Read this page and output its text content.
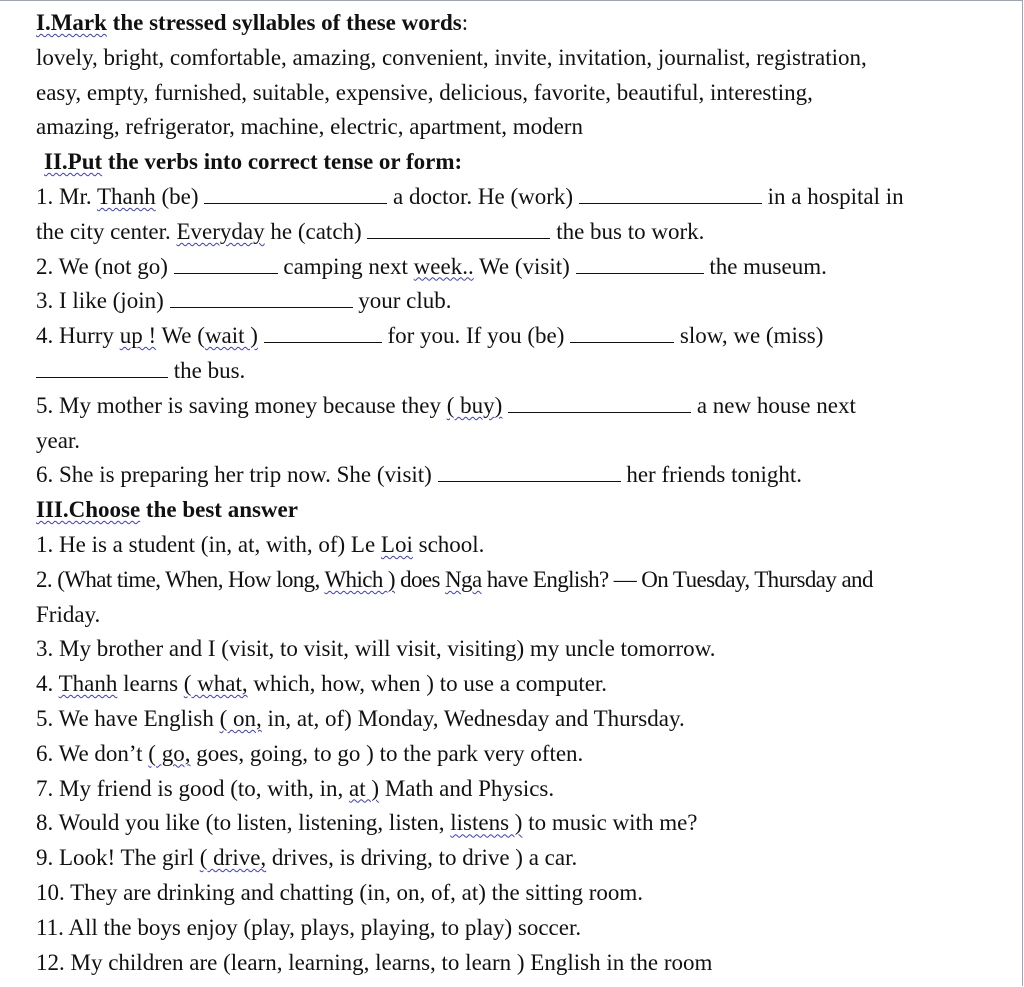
I.Mark the stressed syllables of these words:
lovely, bright, comfortable, amazing, convenient, invite, invitation, journalist, registration,
easy, empty, furnished, suitable, expensive, delicious, favorite, beautiful, interesting,
amazing, refrigerator, machine, electric, apartment, modern
II.Put the verbs into correct tense or form:
1. Mr. Thanh (be)	a doctor. He (work)	in a hospital in
the city center. Everyday he (catch)	the bus to work.
2. We (not go)	camping next week.. We (visit)	the museum.
3. I like (join)	your club.
4. Hurry up ! We (wait )	for you. If you (be)	slow, we (miss)
the bus.
5. My mother is saving money because they ( buy)	a new house next
year.
6. She is preparing her trip now. She (visit)	her friends tonight.
III.Choose the best answer
1. He is a student (in, at, with, of) Le Loi school.
2. (What time, When, How long, Which ) does Nga have English? — On Tuesday, Thursday and
Friday.
3. My brother and I (visit, to visit, will visit, visiting) my uncle tomorrow.
4. Thanh learns ( what, which, how, when ) to use a computer.
5. We have English ( on, in, at, of) Monday, Wednesday and Thursday.
6. We don’t ( go, goes, going, to go ) to the park very often.
7. My friend is good (to, with, in, at ) Math and Physics.
8. Would you like (to listen, listening, listen, listens ) to music with me?
9. Look! The girl ( drive, drives, is driving, to drive ) a car.
10. They are drinking and chatting (in, on, of, at) the sitting room.
11. All the boys enjoy (play, plays, playing, to play) soccer.
12. My children are (learn, learning, learns, to learn ) English in the room
